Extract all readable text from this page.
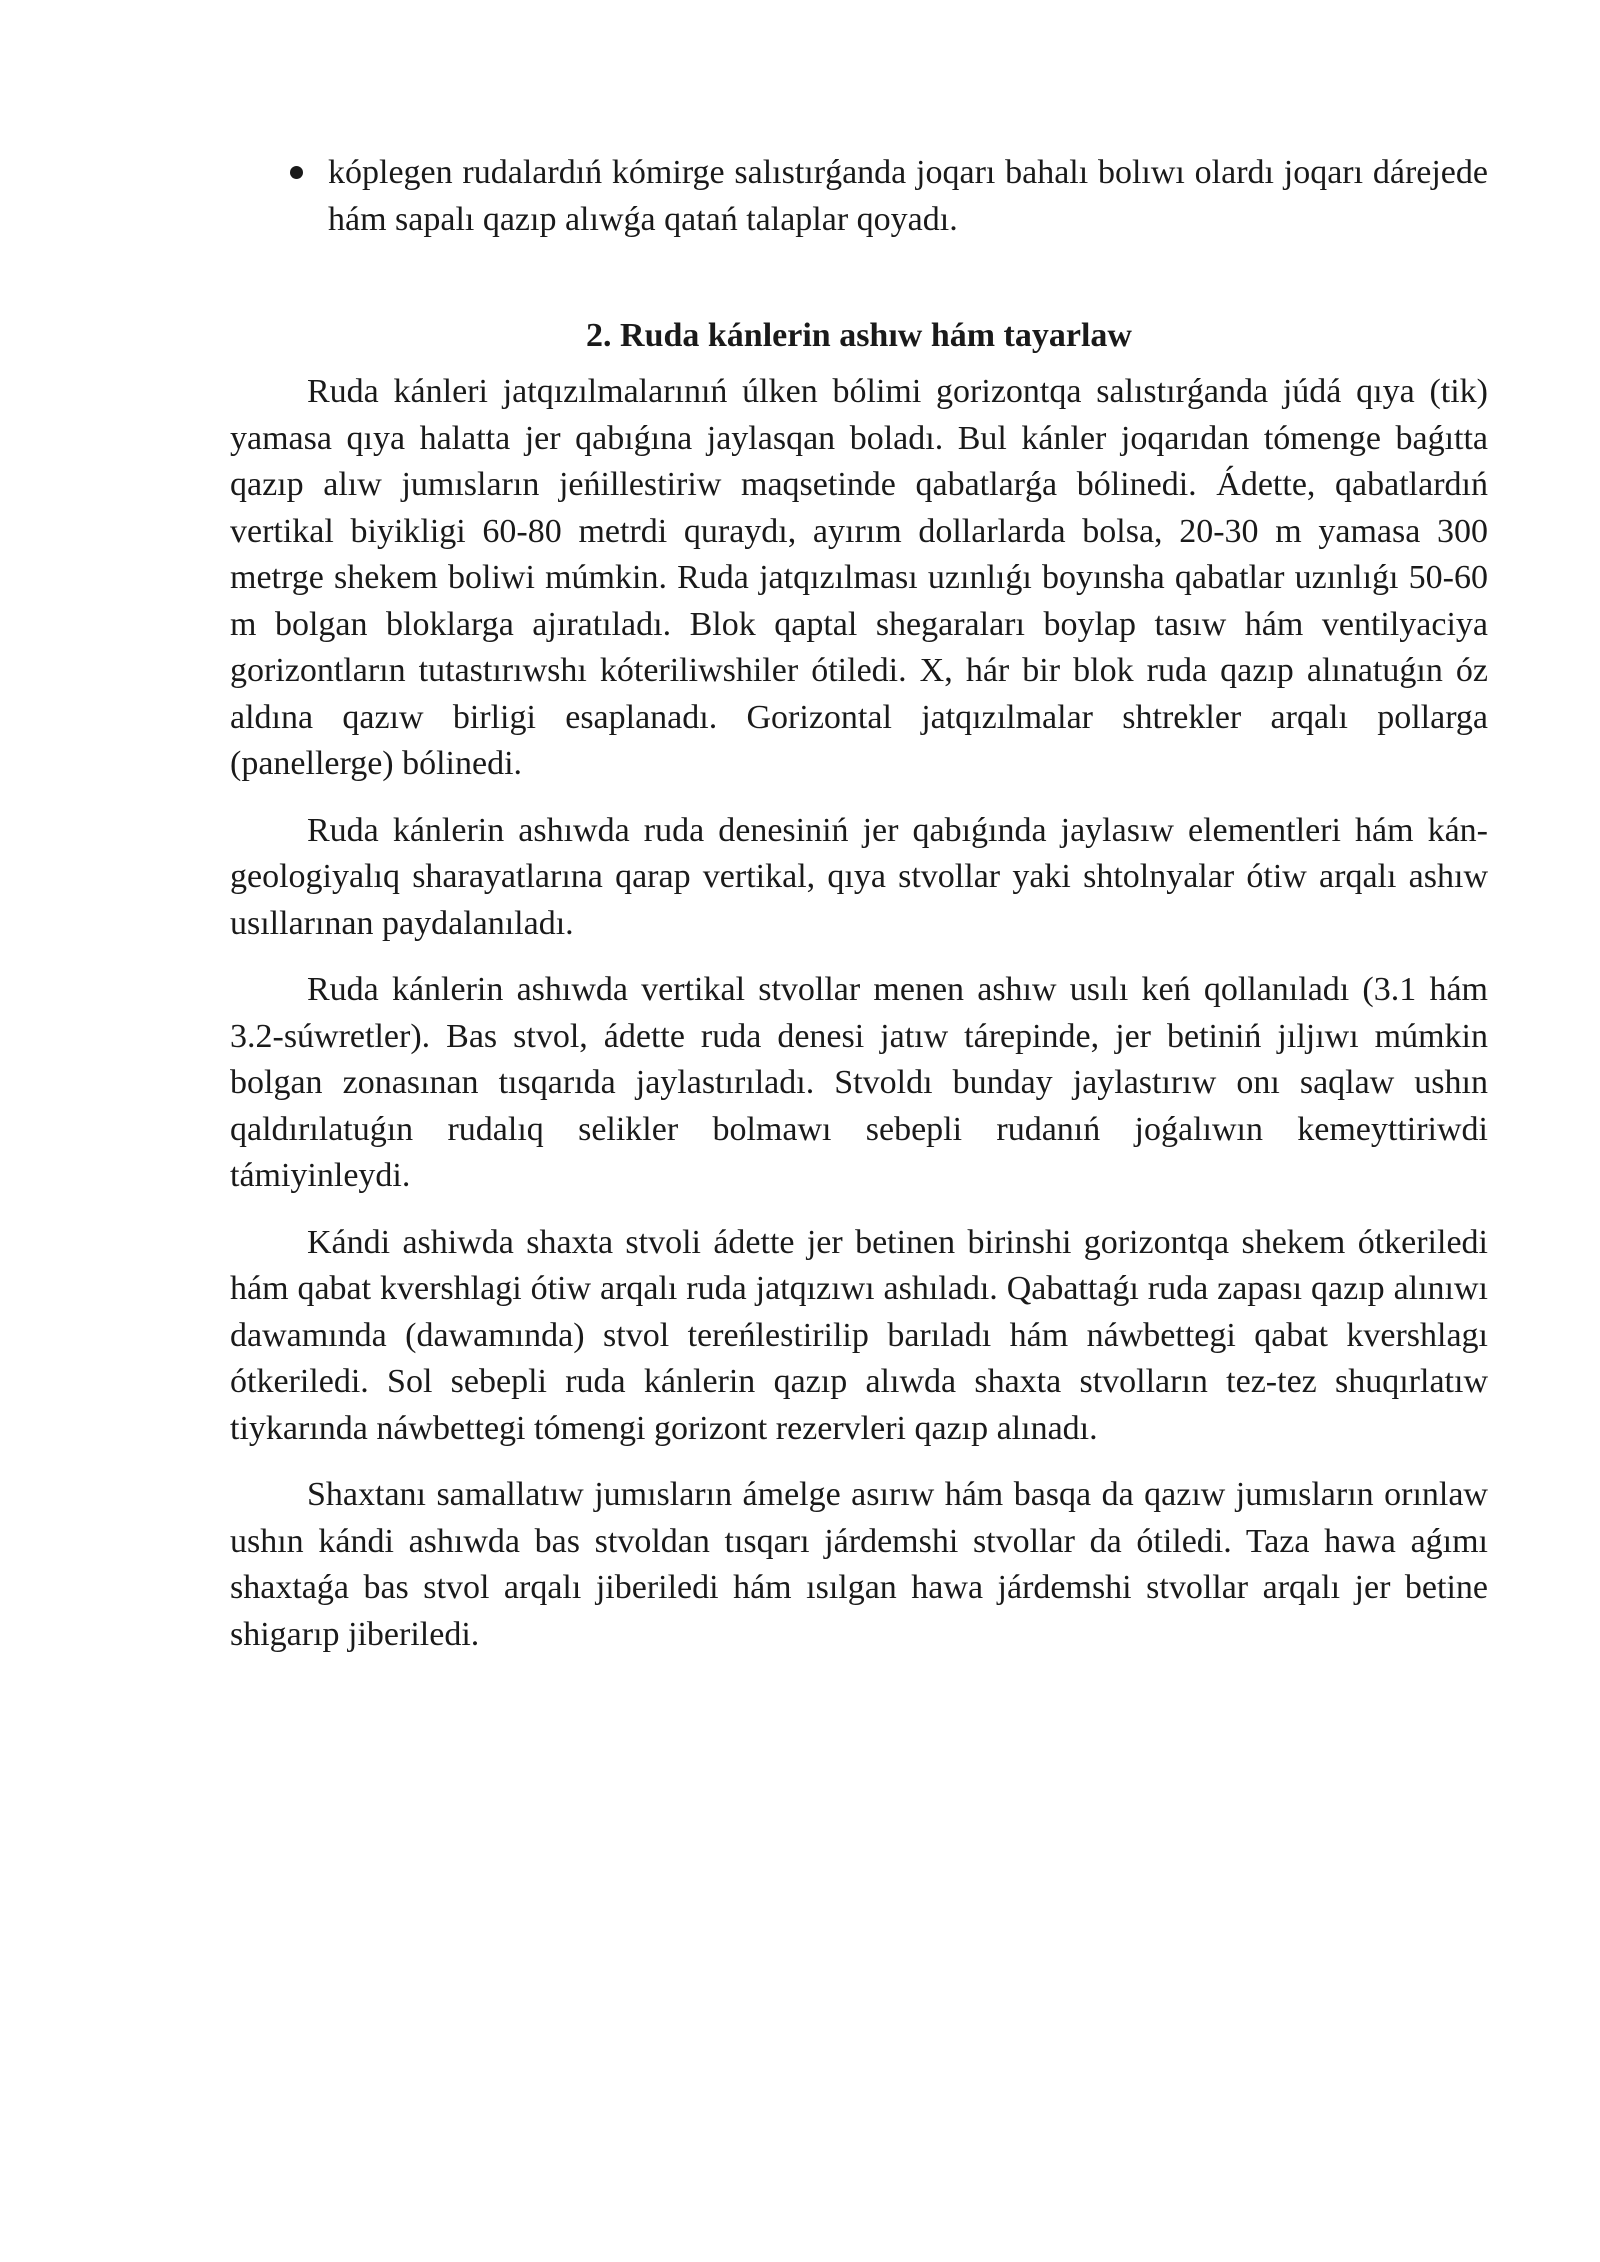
kóplegen rudalardıń kómirge salıstırǵanda joqarı bahalı bolıwı olardı joqarı dárejede hám sapalı qazıp alıwǵa qatań talaplar qoyadı.
2. Ruda kánlerin ashıw hám tayarlaw

Ruda kánleri jatqızılmalarınıń úlken bólimi gorizontqa salıstırǵanda júdá qıya (tik) yamasa qıya halatta jer qabıǵına jaylasqan boladı. Bul kánler joqarıdan tómenge baǵıtta qazıp alıw jumısların jeńillestiriw maqsetinde qabatlarǵa bólinedi. Ádette, qabatlardıń vertikal biyikligi 60-80 metrdi quraydı, ayırım dollarlarda bolsa, 20-30 m yamasa 300 metrge shekem boliwi múmkin. Ruda jatqızılması uzınlıǵı boyınsha qabatlar uzınlıǵı 50-60 m bolgan bloklarga ajıratıladı. Blok qaptal shegaraları boylap tasıw hám ventilyaciya gorizontların tutastırıwshı kóteriliwshiler ótiledi. X, hár bir blok ruda qazıp alınatuǵın óz aldına qazıw birligi esaplanadı. Gorizontal jatqızılmalar shtrekler arqalı pollarga (panellerge) bólinedi.

Ruda kánlerin ashıwda ruda denesiniń jer qabıǵında jaylasıw elementleri hám kán-geologiyalıq sharayatlarına qarap vertikal, qıya stvollar yaki shtolnyalar ótiw arqalı ashıw usıllarınan paydalanıladı.

Ruda kánlerin ashıwda vertikal stvollar menen ashıw usılı keń qollanıladı (3.1 hám 3.2-súwretler). Bas stvol, ádette ruda denesi jatıw tárepinde, jer betiniń jıljıwı múmkin bolgan zonasınan tısqarıda jaylastırıladı. Stvoldı bunday jaylastırıw onı saqlaw ushın qaldırılatuǵın rudalıq selikler bolmawı sebepli rudanıń joǵalıwın kemeyttiriwdi támiyinleydi.

Kándi ashiwda shaxta stvoli ádette jer betinen birinshi gorizontqa shekem ótkeriledi hám qabat kvershlagi ótiw arqalı ruda jatqızıwı ashıladı. Qabattaǵı ruda zapası qazıp alınıwı dawamında (dawamında) stvol tereńlestirilip barıladı hám náwbettegi qabat kvershlagı ótkeriledi. Sol sebepli ruda kánlerin qazıp alıwda shaxta stvolların tez-tez shuqırlatıw tiykarında náwbettegi tómengi gorizont rezervleri qazıp alınadı.

Shaxtanı samallatıw jumısların ámelge asırıw hám basqa da qazıw jumısların orınlaw ushın kándi ashıwda bas stvoldan tısqarı járdemshi stvollar da ótiledi. Taza hawa aǵımı shaxtaǵa bas stvol arqalı jiberiledi hám ısılgan hawa járdemshi stvollar arqalı jer betine shigarıp jiberiledi.
